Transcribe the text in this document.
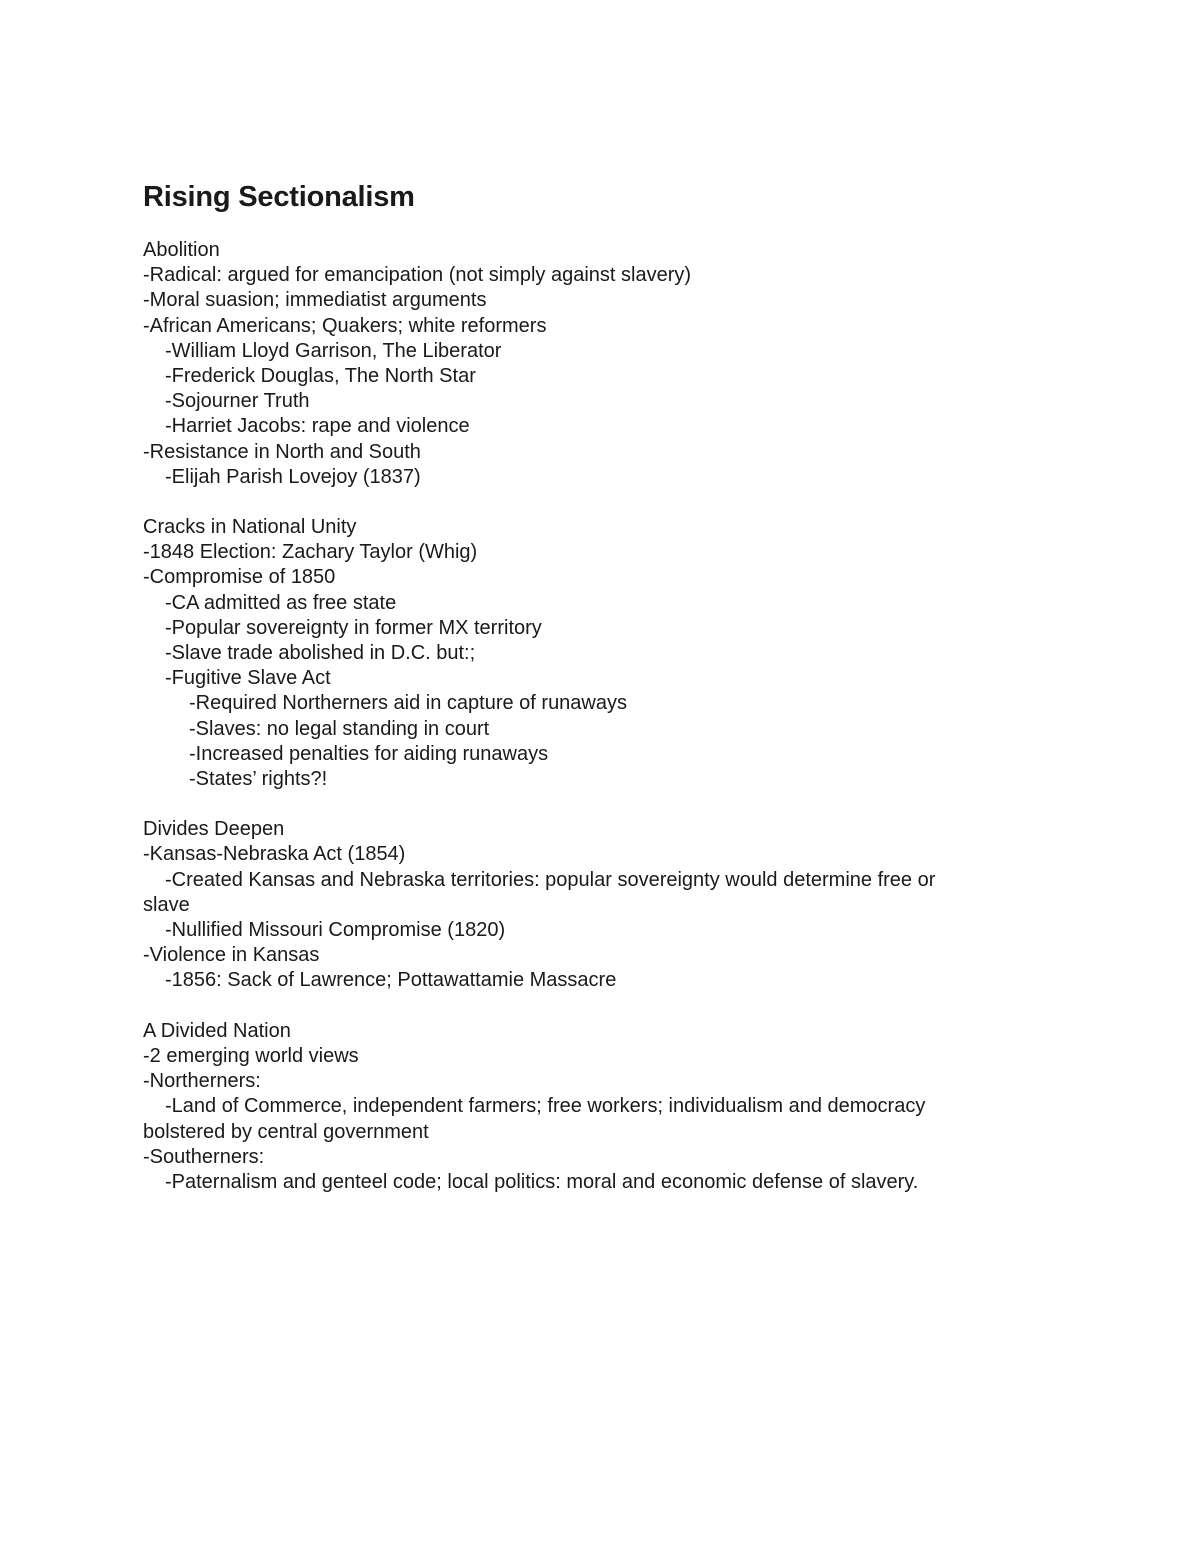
Rising Sectionalism
Abolition
-Radical: argued for emancipation (not simply against slavery)
-Moral suasion; immediatist arguments
-African Americans; Quakers; white reformers
-William Lloyd Garrison, The Liberator
-Frederick Douglas, The North Star
-Sojourner Truth
-Harriet Jacobs: rape and violence
-Resistance in North and South
-Elijah Parish Lovejoy (1837)
Cracks in National Unity
-1848 Election: Zachary Taylor (Whig)
-Compromise of 1850
-CA admitted as free state
-Popular sovereignty in former MX territory
-Slave trade abolished in D.C. but:;
-Fugitive Slave Act
-Required Northerners aid in capture of runaways
-Slaves: no legal standing in court
-Increased penalties for aiding runaways
-States’ rights?!
Divides Deepen
-Kansas-Nebraska Act (1854)
-Created Kansas and Nebraska territories: popular sovereignty would determine free or
slave
-Nullified Missouri Compromise (1820)
-Violence in Kansas
-1856: Sack of Lawrence; Pottawattamie Massacre
A Divided Nation
-2 emerging world views
-Northerners:
-Land of Commerce, independent farmers; free workers; individualism and democracy
bolstered by central government
-Southerners:
-Paternalism and genteel code; local politics: moral and economic defense of slavery.
